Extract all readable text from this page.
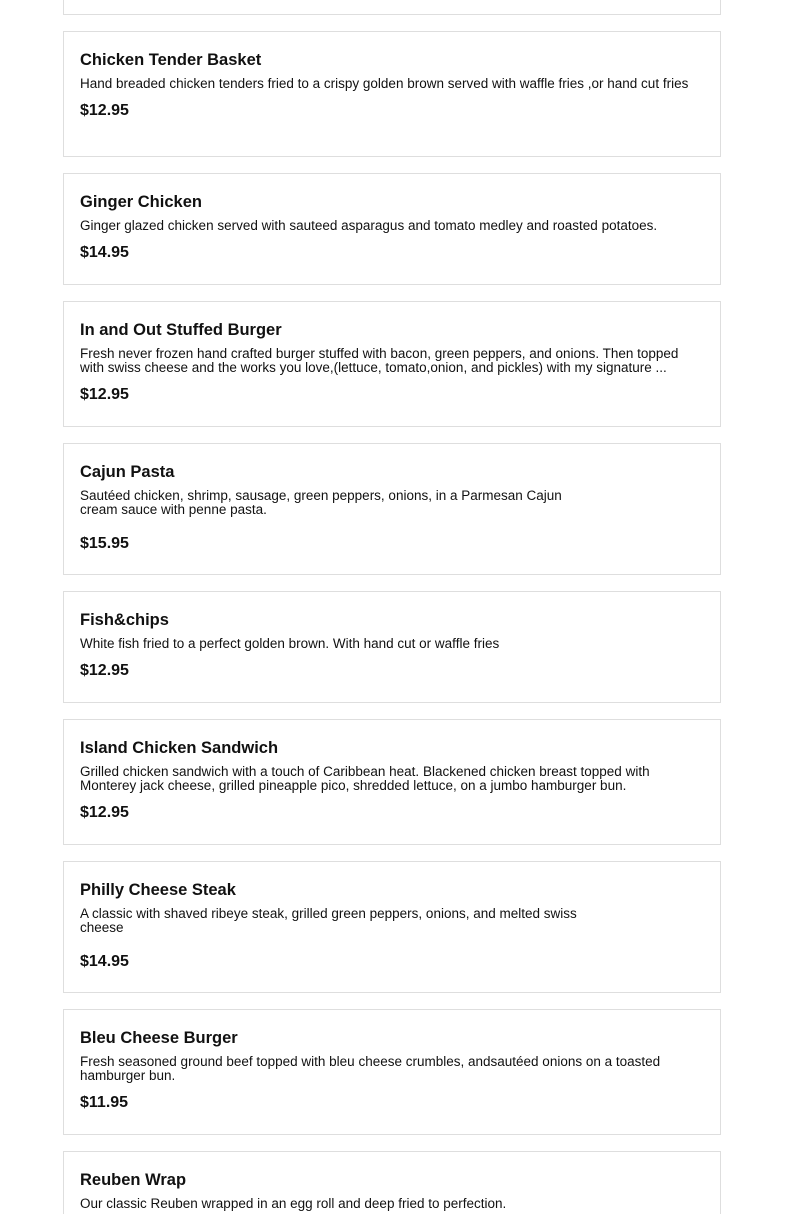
Chicken Tender Basket
Hand breaded chicken tenders fried to a crispy golden brown served with waffle fries ,or hand cut fries
$12.95
Ginger Chicken
Ginger glazed chicken served with sauteed asparagus and tomato medley and roasted potatoes.
$14.95
In and Out Stuffed Burger
Fresh never frozen hand crafted burger stuffed with bacon, green peppers, and onions. Then topped with swiss cheese and the works you love,(lettuce, tomato,onion, and pickles) with my signature ...
$12.95
Cajun Pasta
Sautéed chicken, shrimp, sausage, green peppers, onions, in a Parmesan Cajun cream sauce with penne pasta.
$15.95
Fish&chips
White fish fried to a perfect golden brown. With hand cut or waffle fries
$12.95
Island Chicken Sandwich
Grilled chicken sandwich with a touch of Caribbean heat. Blackened chicken breast topped with Monterey jack cheese, grilled pineapple pico, shredded lettuce, on a jumbo hamburger bun.
$12.95
Philly Cheese Steak
A classic with shaved ribeye steak, grilled green peppers, onions, and melted swiss cheese
$14.95
Bleu Cheese Burger
Fresh seasoned ground beef topped with bleu cheese crumbles, andsautéed onions on a toasted hamburger bun.
$11.95
Reuben Wrap
Our classic Reuben wrapped in an egg roll and deep fried to perfection.
